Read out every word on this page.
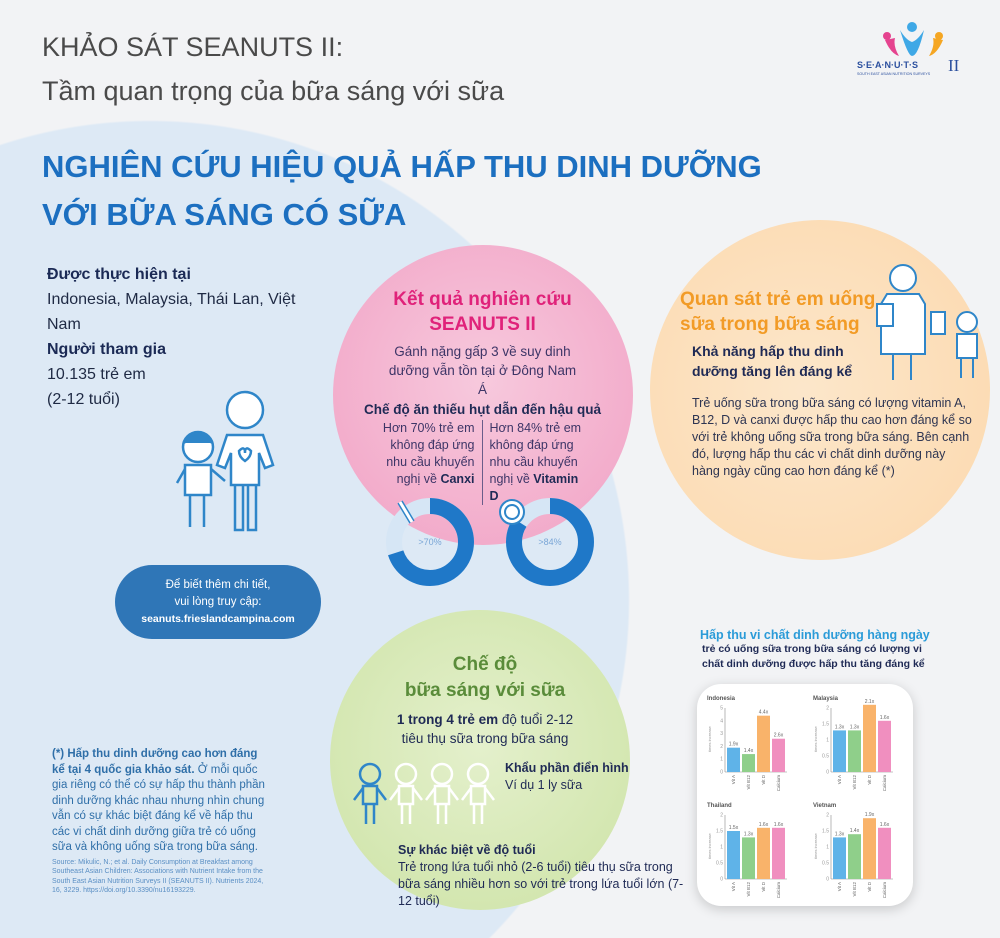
KHẢO SÁT SEANUTS II:
Tầm quan trọng của bữa sáng với sữa
NGHIÊN CỨU HIỆU QUẢ HẤP THU DINH DƯỠNG
VỚI BỮA SÁNG CÓ SỮA
S·E·A·N·U·T·S II
SOUTH EAST ASIAN NUTRITION SURVEYS
Được thực hiện tại
Indonesia, Malaysia, Thái Lan, Việt Nam
Người tham gia
10.135 trẻ em
(2-12 tuổi)
Để biết thêm chi tiết,
vui lòng truy cập:
seanuts.frieslandcampina.com
Kết quả nghiên cứu
SEANUTS II
Gánh nặng gấp 3 về suy dinh dưỡng vẫn tồn tại ở Đông Nam Á
Chế độ ăn thiếu hụt dẫn đến hậu quả
Hơn 70% trẻ em không đáp ứng nhu cầu khuyến nghị về Canxi
Hơn 84% trẻ em không đáp ứng nhu cầu khuyến nghị về Vitamin D
>70%	>84%
Quan sát trẻ em uống sữa trong bữa sáng
Khả năng hấp thu dinh dưỡng tăng lên đáng kể
Trẻ uống sữa trong bữa sáng có lượng vitamin A, B12, D và canxi được hấp thu cao hơn đáng kể so với trẻ không uống sữa trong bữa sáng. Bên cạnh đó, lượng hấp thu các vi chất dinh dưỡng này hàng ngày cũng cao hơn đáng kể (*)
Chế độ
bữa sáng với sữa
1 trong 4 trẻ em độ tuổi 2-12
tiêu thụ sữa trong bữa sáng
Khẩu phần điển hình
Ví dụ 1 ly sữa
Sự khác biệt về độ tuổi
Trẻ trong lứa tuổi nhỏ (2-6 tuổi) tiêu thụ sữa trong bữa sáng nhiều hơn so với trẻ trong lứa tuổi lớn (7-12 tuổi)
(*) Hấp thu dinh dưỡng cao hơn đáng kể tại 4 quốc gia khảo sát. Ở mỗi quốc gia riêng có thể có sự hấp thu thành phần dinh dưỡng khác nhau nhưng nhìn chung vẫn có sự khác biệt đáng kể về hấp thu các vi chất dinh dưỡng giữa trẻ có uống sữa và không uống sữa trong bữa sáng.
Source: Mikulic, N.; et al. Daily Consumption at Breakfast among Southeast Asian Children: Associations with Nutrient Intake from the South East Asian Nutrition Surveys II (SEANUTS II). Nutrients 2024, 16, 3229. https://doi.org/10.3390/nu16193229.
Hấp thu vi chất dinh dưỡng hàng ngày
trẻ có uống sữa trong bữa sáng có lượng vi chất dinh dưỡng được hấp thu tăng đáng kể
Indonesia
times increase
0
1
2
3
4
5
1.9x
Vit A
1.4x
Vit B12
4.4x
Vit D
2.6x
Calcium
Malaysia
times increase
0
0.5
1
1.5
2
1.3x
Vit A
1.3x
Vit B12
2.1x
Vit D
1.6x
Calcium
Thailand
times increase
0
0.5
1
1.5
2
1.5x
Vit A
1.3x
Vit B12
1.6x
Vit D
1.6x
Calcium
Vietnam
times increase
0
0.5
1
1.5
2
1.3x
Vit A
1.4x
Vit B12
1.9x
Vit D
1.6x
Calcium
